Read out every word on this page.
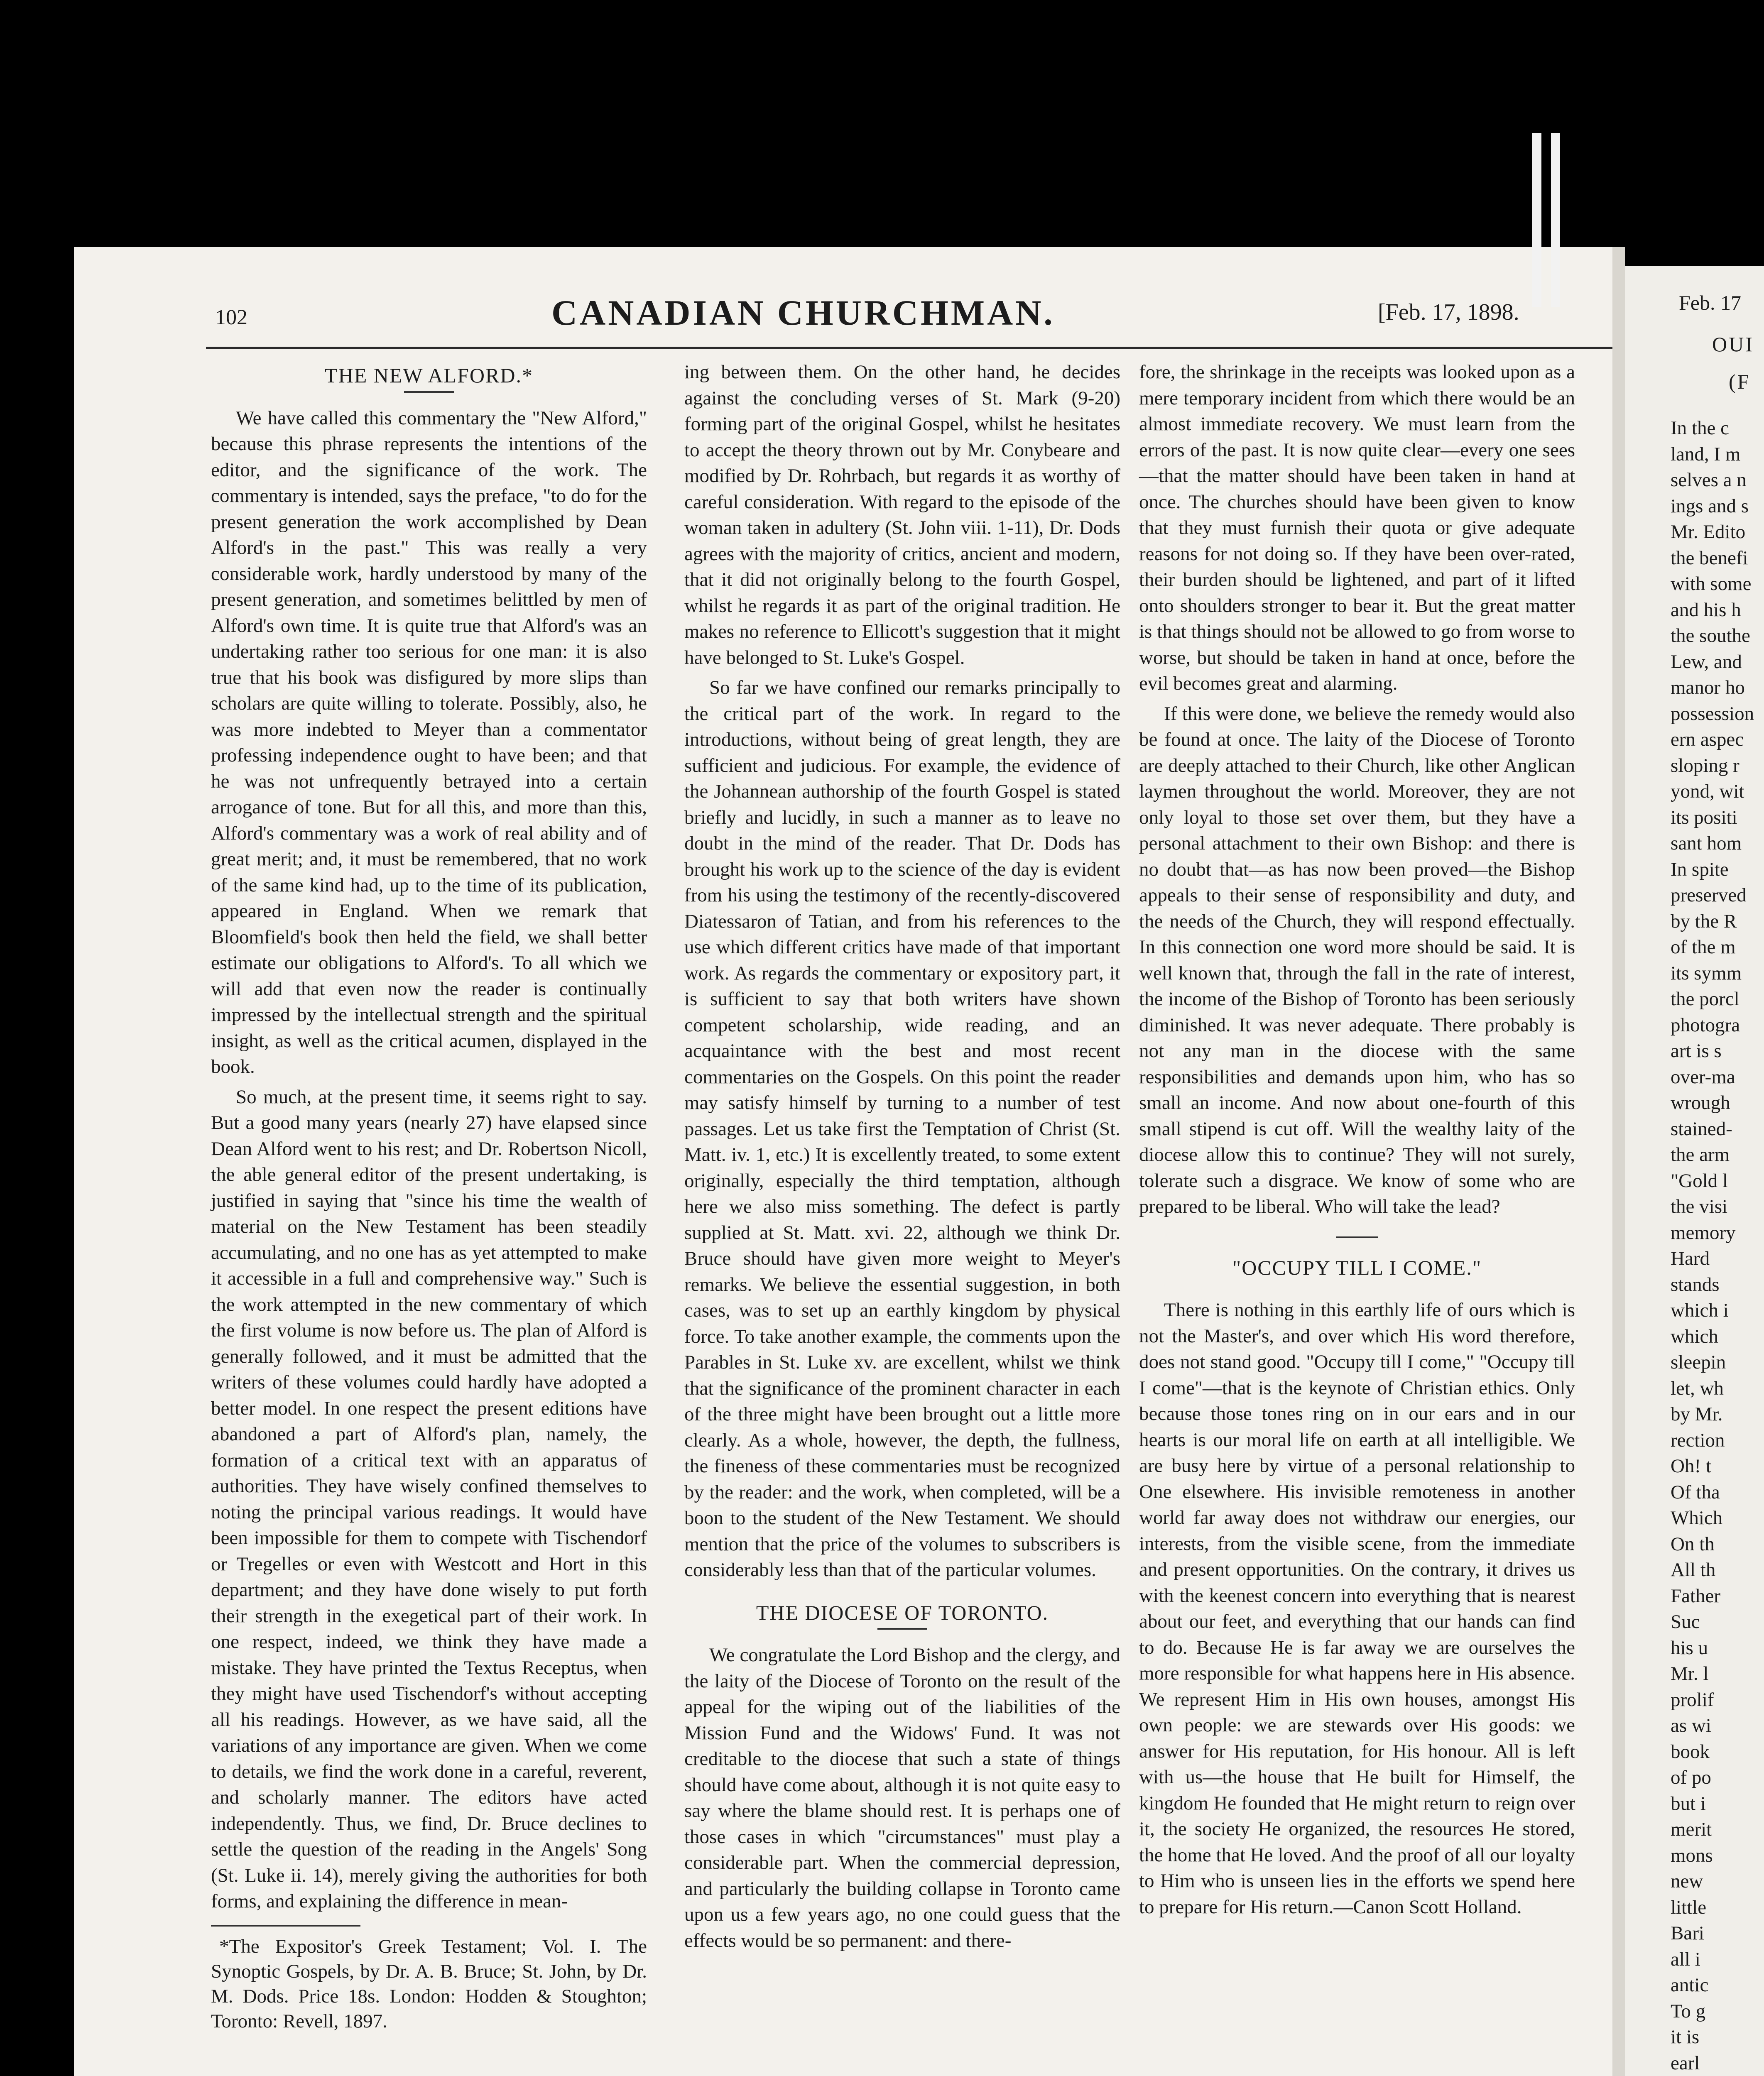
102	CANADIAN CHURCHMAN.	[Feb. 17, 1898.
THE NEW ALFORD.*

We have called this commentary the "New Alford," because this phrase represents the intentions of the editor, and the significance of the work. The commentary is intended, says the preface, "to do for the present generation the work accomplished by Dean Alford's in the past." This was really a very considerable work, hardly understood by many of the present generation, and sometimes belittled by men of Alford's own time. It is quite true that Alford's was an undertaking rather too serious for one man: it is also true that his book was disfigured by more slips than scholars are quite willing to tolerate. Possibly, also, he was more indebted to Meyer than a commentator professing independence ought to have been; and that he was not unfrequently betrayed into a certain arrogance of tone. But for all this, and more than this, Alford's commentary was a work of real ability and of great merit; and, it must be remembered, that no work of the same kind had, up to the time of its publication, appeared in England. When we remark that Bloomfield's book then held the field, we shall better estimate our obligations to Alford's. To all which we will add that even now the reader is continually impressed by the intellectual strength and the spiritual insight, as well as the critical acumen, displayed in the book.

So much, at the present time, it seems right to say. But a good many years (nearly 27) have elapsed since Dean Alford went to his rest; and Dr. Robertson Nicoll, the able general editor of the present undertaking, is justified in saying that "since his time the wealth of material on the New Testament has been steadily accumulating, and no one has as yet attempted to make it accessible in a full and comprehensive way." Such is the work attempted in the new commentary of which the first volume is now before us. The plan of Alford is generally followed, and it must be admitted that the writers of these volumes could hardly have adopted a better model. In one respect the present editions have abandoned a part of Alford's plan, namely, the formation of a critical text with an apparatus of authorities. They have wisely confined themselves to noting the principal various readings. It would have been impossible for them to compete with Tischendorf or Tregelles or even with Westcott and Hort in this department; and they have done wisely to put forth their strength in the exegetical part of their work. In one respect, indeed, we think they have made a mistake. They have printed the Textus Receptus, when they might have used Tischendorf's without accepting all his readings. However, as we have said, all the variations of any importance are given. When we come to details, we find the work done in a careful, reverent, and scholarly manner. The editors have acted independently. Thus, we find, Dr. Bruce declines to settle the question of the reading in the Angels' Song (St. Luke ii. 14), merely giving the authorities for both forms, and explaining the difference in mean-

*The Expositor's Greek Testament; Vol. I. The Synoptic Gospels, by Dr. A. B. Bruce; St. John, by Dr. M. Dods. Price 18s. London: Hodden & Stoughton; Toronto: Revell, 1897.

ing between them. On the other hand, he decides against the concluding verses of St. Mark (9-20) forming part of the original Gospel, whilst he hesitates to accept the theory thrown out by Mr. Conybeare and modified by Dr. Rohrbach, but regards it as worthy of careful consideration. With regard to the episode of the woman taken in adultery (St. John viii. 1-11), Dr. Dods agrees with the majority of critics, ancient and modern, that it did not originally belong to the fourth Gospel, whilst he regards it as part of the original tradition. He makes no reference to Ellicott's suggestion that it might have belonged to St. Luke's Gospel.

So far we have confined our remarks principally to the critical part of the work. In regard to the introductions, without being of great length, they are sufficient and judicious. For example, the evidence of the Johannean authorship of the fourth Gospel is stated briefly and lucidly, in such a manner as to leave no doubt in the mind of the reader. That Dr. Dods has brought his work up to the science of the day is evident from his using the testimony of the recently-discovered Diatessaron of Tatian, and from his references to the use which different critics have made of that important work. As regards the commentary or expository part, it is sufficient to say that both writers have shown competent scholarship, wide reading, and an acquaintance with the best and most recent commentaries on the Gospels. On this point the reader may satisfy himself by turning to a number of test passages. Let us take first the Temptation of Christ (St. Matt. iv. 1, etc.) It is excellently treated, to some extent originally, especially the third temptation, although here we also miss something. The defect is partly supplied at St. Matt. xvi. 22, although we think Dr. Bruce should have given more weight to Meyer's remarks. We believe the essential suggestion, in both cases, was to set up an earthly kingdom by physical force. To take another example, the comments upon the Parables in St. Luke xv. are excellent, whilst we think that the significance of the prominent character in each of the three might have been brought out a little more clearly. As a whole, however, the depth, the fullness, the fineness of these commentaries must be recognized by the reader: and the work, when completed, will be a boon to the student of the New Testament. We should mention that the price of the volumes to subscribers is considerably less than that of the particular volumes.

THE DIOCESE OF TORONTO.

We congratulate the Lord Bishop and the clergy, and the laity of the Diocese of Toronto on the result of the appeal for the wiping out of the liabilities of the Mission Fund and the Widows' Fund. It was not creditable to the diocese that such a state of things should have come about, although it is not quite easy to say where the blame should rest. It is perhaps one of those cases in which "circumstances" must play a considerable part. When the commercial depression, and particularly the building collapse in Toronto came upon us a few years ago, no one could guess that the effects would be so permanent: and there-

fore, the shrinkage in the receipts was looked upon as a mere temporary incident from which there would be an almost immediate recovery. We must learn from the errors of the past. It is now quite clear—every one sees—that the matter should have been taken in hand at once. The churches should have been given to know that they must furnish their quota or give adequate reasons for not doing so. If they have been over-rated, their burden should be lightened, and part of it lifted onto shoulders stronger to bear it. But the great matter is that things should not be allowed to go from worse to worse, but should be taken in hand at once, before the evil becomes great and alarming.

If this were done, we believe the remedy would also be found at once. The laity of the Diocese of Toronto are deeply attached to their Church, like other Anglican laymen throughout the world. Moreover, they are not only loyal to those set over them, but they have a personal attachment to their own Bishop: and there is no doubt that—as has now been proved—the Bishop appeals to their sense of responsibility and duty, and the needs of the Church, they will respond effectually. In this connection one word more should be said. It is well known that, through the fall in the rate of interest, the income of the Bishop of Toronto has been seriously diminished. It was never adequate. There probably is not any man in the diocese with the same responsibilities and demands upon him, who has so small an income. And now about one-fourth of this small stipend is cut off. Will the wealthy laity of the diocese allow this to continue? They will not surely, tolerate such a disgrace. We know of some who are prepared to be liberal. Who will take the lead?

"OCCUPY TILL I COME."

There is nothing in this earthly life of ours which is not the Master's, and over which His word therefore, does not stand good. "Occupy till I come," "Occupy till I come"—that is the keynote of Christian ethics. Only because those tones ring on in our ears and in our hearts is our moral life on earth at all intelligible. We are busy here by virtue of a personal relationship to One elsewhere. His invisible remoteness in another world far away does not withdraw our energies, our interests, from the visible scene, from the immediate and present opportunities. On the contrary, it drives us with the keenest concern into everything that is nearest about our feet, and everything that our hands can find to do. Because He is far away we are ourselves the more responsible for what happens here in His absence. We represent Him in His own houses, amongst His own people: we are stewards over His goods: we answer for His reputation, for His honour. All is left with us—the house that He built for Himself, the kingdom He founded that He might return to reign over it, the society He organized, the resources He stored, the home that He loved. And the proof of all our loyalty to Him who is unseen lies in the efforts we spend here to prepare for His return.—Canon Scott Holland.

Feb. 17
OUI
(F
In the c
land, I m
selves a n
ings and s
Mr. Edito
the benefi
with some
and his h
the southe
Lew, and
manor ho
possession
ern aspec
sloping r
yond, wit
its positi
sant hom
In spite
preserved
by the R
of the m
its symm
the porcl
photogra
art is s
over-ma
wrough
stained-
the arm
"Gold l
the visi
memory
Hard
stands
which i
which
sleepin
let, wh
by Mr.
rection
Oh! t
Of tha
Which
On th
All th
Father
Suc
his u
Mr. l
prolif
as wi
book
of po
but i
merit
mons
new
little
Bari
all i
antic
To g
it is
earl
